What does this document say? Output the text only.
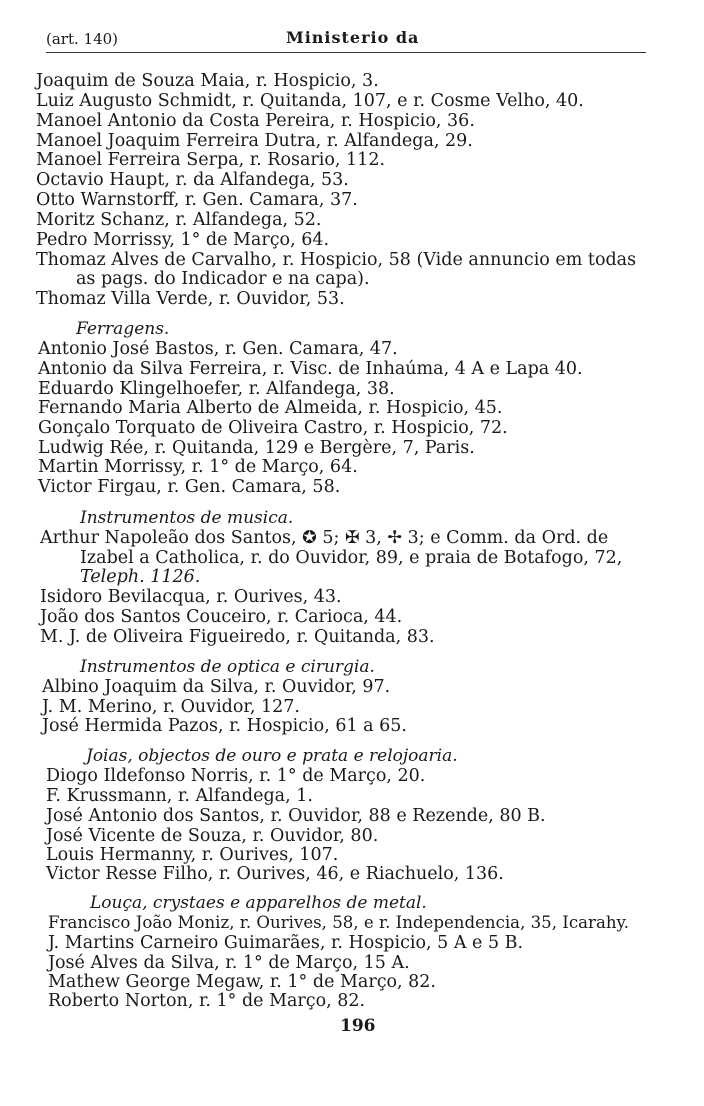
(art. 140)	Ministerio da
Joaquim de Souza Maia, r. Hospicio, 3.
Luiz Augusto Schmidt, r. Quitanda, 107, e r. Cosme Velho, 40.
Manoel Antonio da Costa Pereira, r. Hospicio, 36.
Manoel Joaquim Ferreira Dutra, r. Alfandega, 29.
Manoel Ferreira Serpa, r. Rosario, 112.
Octavio Haupt, r. da Alfandega, 53.
Otto Warnstorff, r. Gen. Camara, 37.
Moritz Schanz, r. Alfandega, 52.
Pedro Morrissy, 1° de Março, 64.
Thomaz Alves de Carvalho, r. Hospicio, 58 (Vide annuncio em todas
as pags. do Indicador e na capa).
Thomaz Villa Verde, r. Ouvidor, 53.
Ferragens.
Antonio José Bastos, r. Gen. Camara, 47.
Antonio da Silva Ferreira, r. Visc. de Inhaúma, 4 A e Lapa 40.
Eduardo Klingelhoefer, r. Alfandega, 38.
Fernando Maria Alberto de Almeida, r. Hospicio, 45.
Gonçalo Torquato de Oliveira Castro, r. Hospicio, 72.
Ludwig Rée, r. Quitanda, 129 e Bergère, 7, Paris.
Martin Morrissy, r. 1° de Março, 64.
Victor Firgau, r. Gen. Camara, 58.
Instrumentos de musica.
Arthur Napoleão dos Santos, ✪ 5; ✠ 3, ✢ 3; e Comm. da Ord. de
Izabel a Catholica, r. do Ouvidor, 89, e praia de Botafogo, 72,
Teleph. 1126.
Isidoro Bevilacqua, r. Ourives, 43.
João dos Santos Couceiro, r. Carioca, 44.
M. J. de Oliveira Figueiredo, r. Quitanda, 83.
Instrumentos de optica e cirurgia.
Albino Joaquim da Silva, r. Ouvidor, 97.
J. M. Merino, r. Ouvidor, 127.
José Hermida Pazos, r. Hospicio, 61 a 65.
Joias, objectos de ouro e prata e relojoaria.
Diogo Ildefonso Norris, r. 1° de Março, 20.
F. Krussmann, r. Alfandega, 1.
José Antonio dos Santos, r. Ouvidor, 88 e Rezende, 80 B.
José Vicente de Souza, r. Ouvidor, 80.
Louis Hermanny, r. Ourives, 107.
Victor Resse Filho, r. Ourives, 46, e Riachuelo, 136.
Louça, crystaes e apparelhos de metal.
Francisco João Moniz, r. Ourives, 58, e r. Independencia, 35, Icarahy.
J. Martins Carneiro Guimarães, r. Hospicio, 5 A e 5 B.
José Alves da Silva, r. 1° de Março, 15 A.
Mathew George Megaw, r. 1° de Março, 82.
Roberto Norton, r. 1° de Março, 82.
196
